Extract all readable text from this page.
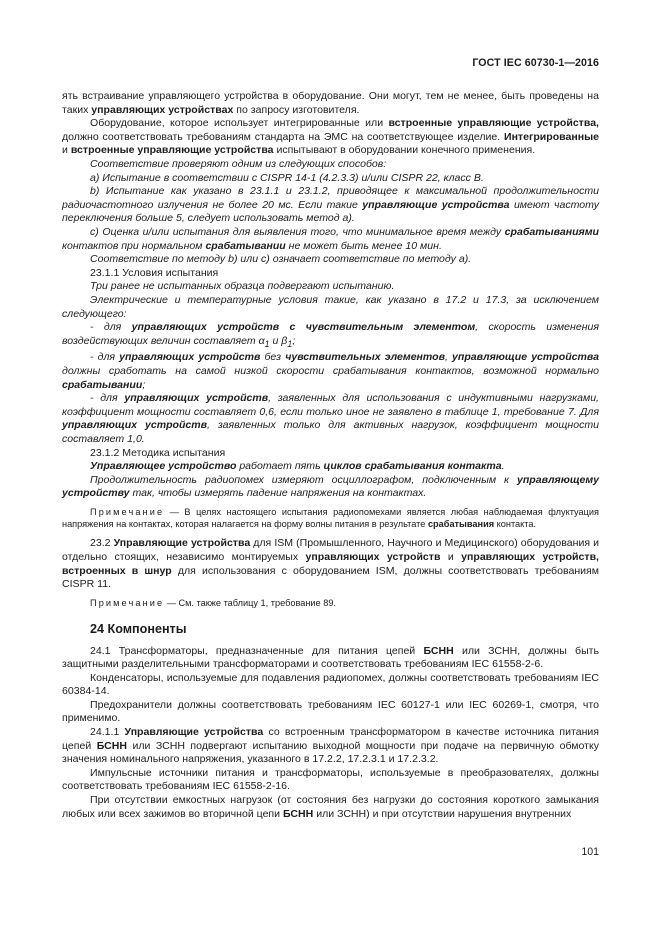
ГОСТ IEC 60730-1—2016

ять встраивание управляющего устройства в оборудование. Они могут, тем не менее, быть проведены на таких управляющих устройствах по запросу изготовителя.

Оборудование, которое использует интегрированные или встроенные управляющие устройства, должно соответствовать требованиям стандарта на ЭМС на соответствующее изделие. Интегрированные и встроенные управляющие устройства испытывают в оборудовании конечного применения.

Соответствие проверяют одним из следующих способов:

a) Испытание в соответствии с CISPR 14-1 (4.2.3.3) и/или CISPR 22, класс B.

b) Испытание как указано в 23.1.1 и 23.1.2, приводящее к максимальной продолжительности радиочастотного излучения не более 20 мс. Если такие управляющие устройства имеют частоту переключения больше 5, следует использовать метод a).

c) Оценка и/или испытания для выявления того, что минимальное время между срабатываниями контактов при нормальном срабатывании не может быть менее 10 мин.

Соответствие по методу b) или c) означает соответствие по методу a).

23.1.1 Условия испытания

Три ранее не испытанных образца подвергают испытанию.

Электрические и температурные условия такие, как указано в 17.2 и 17.3, за исключением следующего:

- для управляющих устройств с чувствительным элементом, скорость изменения воздействующих величин составляет $\alpha_1$ и $\beta_1$;

- для управляющих устройств без чувствительных элементов, управляющие устройства должны сработать на самой низкой скорости срабатывания контактов, возможной нормально срабатывании;

- для управляющих устройств, заявленных для использования с индуктивными нагрузками, коэффициент мощности составляет 0,6, если только иное не заявлено в таблице 1, требование 7. Для управляющих устройств, заявленных только для активных нагрузок, коэффициент мощности составляет 1,0.

23.1.2 Методика испытания

Управляющее устройство работает пять циклов срабатывания контакта.

Продолжительность радиопомех измеряют осциллографом, подключенным к управляющему устройству так, чтобы измерять падение напряжения на контактах.

Примечание — В целях настоящего испытания радиопомехами является любая наблюдаемая флуктуация напряжения на контактах, которая налагается на форму волны питания в результате срабатывания контакта.

23.2 Управляющие устройства для ISM (Промышленного, Научного и Медицинского) оборудования и отдельно стоящих, независимо монтируемых управляющих устройств и управляющих устройств, встроенных в шнур для использования с оборудованием ISM, должны соответствовать требованиям CISPR 11.

Примечание — См. также таблицу 1, требование 89.

24 Компоненты

24.1 Трансформаторы, предназначенные для питания цепей БСНН или ЗСНН, должны быть защитными разделительными трансформаторами и соответствовать требованиям IEC 61558-2-6.

Конденсаторы, используемые для подавления радиопомех, должны соответствовать требованиям IEC 60384-14.

Предохранители должны соответствовать требованиям IEC 60127-1 или IEC 60269-1, смотря, что применимо.

24.1.1 Управляющие устройства со встроенным трансформатором в качестве источника питания цепей БСНН или ЗСНН подвергают испытанию выходной мощности при подаче на первичную обмотку значения номинального напряжения, указанного в 17.2.2, 17.2.3.1 и 17.2.3.2.

Импульсные источники питания и трансформаторы, используемые в преобразователях, должны соответствовать требованиям IEC 61558-2-16.

При отсутствии емкостных нагрузок (от состояния без нагрузки до состояния короткого замыкания любых или всех зажимов во вторичной цепи БСНН или ЗСНН) и при отсутствии нарушения внутренних

101
